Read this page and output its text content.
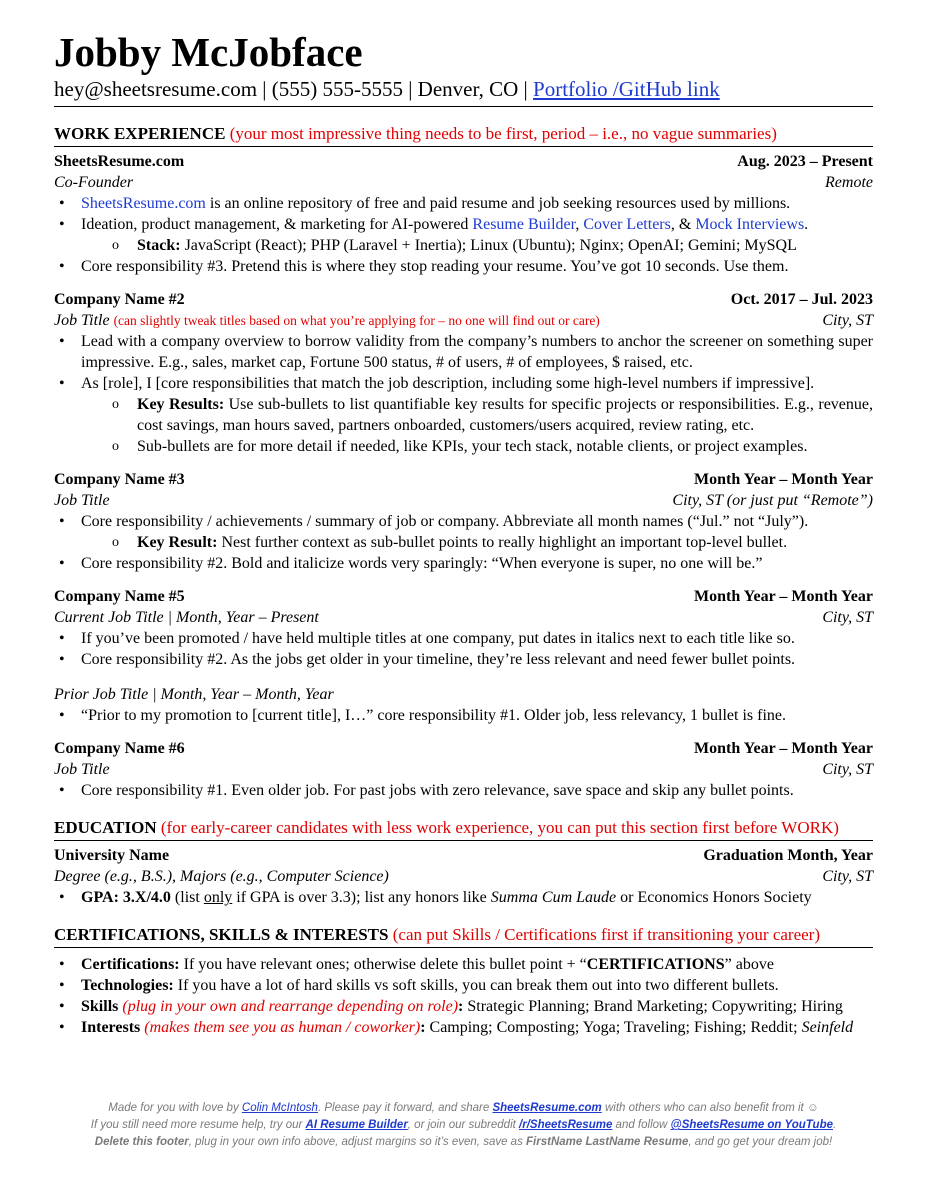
Jobby McJobface
hey@sheetsresume.com | (555) 555-5555 | Denver, CO | Portfolio /GitHub link
WORK EXPERIENCE (your most impressive thing needs to be first, period – i.e., no vague summaries)
SheetsResume.com	Aug. 2023 – Present
Co-Founder	Remote
• SheetsResume.com is an online repository of free and paid resume and job seeking resources used by millions.
• Ideation, product management, & marketing for AI-powered Resume Builder, Cover Letters, & Mock Interviews.
o Stack: JavaScript (React); PHP (Laravel + Inertia); Linux (Ubuntu); Nginx; OpenAI; Gemini; MySQL
• Core responsibility #3. Pretend this is where they stop reading your resume. You’ve got 10 seconds. Use them.
Company Name #2	Oct. 2017 – Jul. 2023
Job Title (can slightly tweak titles based on what you’re applying for – no one will find out or care)	City, ST
• Lead with a company overview to borrow validity from the company’s numbers to anchor the screener on something super impressive. E.g., sales, market cap, Fortune 500 status, # of users, # of employees, $ raised, etc.
• As [role], I [core responsibilities that match the job description, including some high-level numbers if impressive].
o Key Results: Use sub-bullets to list quantifiable key results for specific projects or responsibilities. E.g., revenue, cost savings, man hours saved, partners onboarded, customers/users acquired, review rating, etc.
o Sub-bullets are for more detail if needed, like KPIs, your tech stack, notable clients, or project examples.
Company Name #3	Month Year – Month Year
Job Title	City, ST (or just put “Remote”)
• Core responsibility / achievements / summary of job or company. Abbreviate all month names (“Jul.” not “July”).
o Key Result: Nest further context as sub-bullet points to really highlight an important top-level bullet.
• Core responsibility #2. Bold and italicize words very sparingly: “When everyone is super, no one will be.”
Company Name #5	Month Year – Month Year
Current Job Title | Month, Year – Present	City, ST
• If you’ve been promoted / have held multiple titles at one company, put dates in italics next to each title like so.
• Core responsibility #2. As the jobs get older in your timeline, they’re less relevant and need fewer bullet points.
Prior Job Title | Month, Year – Month, Year
• “Prior to my promotion to [current title], I…” core responsibility #1. Older job, less relevancy, 1 bullet is fine.
Company Name #6	Month Year – Month Year
Job Title	City, ST
• Core responsibility #1. Even older job. For past jobs with zero relevance, save space and skip any bullet points.
EDUCATION (for early-career candidates with less work experience, you can put this section first before WORK)
University Name	Graduation Month, Year
Degree (e.g., B.S.), Majors (e.g., Computer Science)	City, ST
• GPA: 3.X/4.0 (list only if GPA is over 3.3); list any honors like Summa Cum Laude or Economics Honors Society
CERTIFICATIONS, SKILLS & INTERESTS (can put Skills / Certifications first if transitioning your career)
• Certifications: If you have relevant ones; otherwise delete this bullet point + “CERTIFICATIONS” above
• Technologies: If you have a lot of hard skills vs soft skills, you can break them out into two different bullets.
• Skills (plug in your own and rearrange depending on role): Strategic Planning; Brand Marketing; Copywriting; Hiring
• Interests (makes them see you as human / coworker): Camping; Composting; Yoga; Traveling; Fishing; Reddit; Seinfeld
Made for you with love by Colin McIntosh. Please pay it forward, and share SheetsResume.com with others who can also benefit from it ☺
If you still need more resume help, try our AI Resume Builder, or join our subreddit /r/SheetsResume and follow @SheetsResume on YouTube.
Delete this footer, plug in your own info above, adjust margins so it’s even, save as FirstName LastName Resume, and go get your dream job!
